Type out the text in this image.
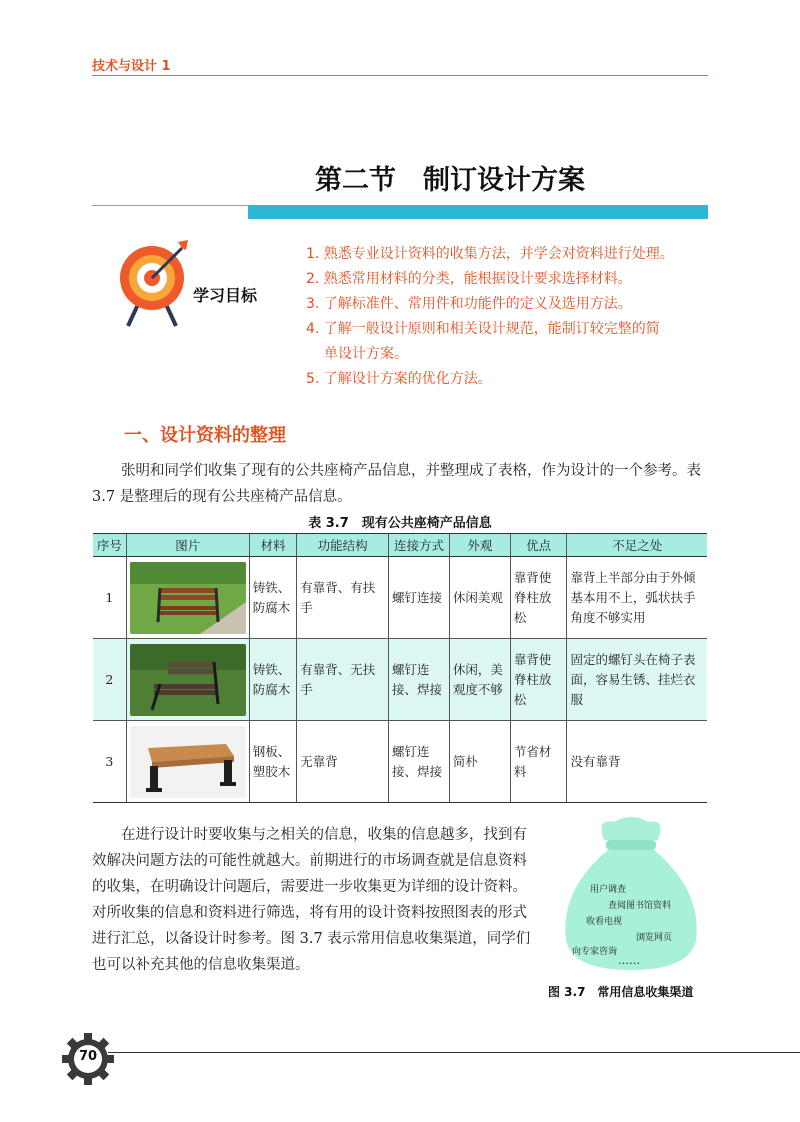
技术与设计 1
第二节　制订设计方案
学习目标
1. 熟悉专业设计资料的收集方法，并学会对资料进行处理。
2. 熟悉常用材料的分类，能根据设计要求选择材料。
3. 了解标准件、常用件和功能件的定义及选用方法。
4. 了解一般设计原则和相关设计规范，能制订较完整的简
单设计方案。
5. 了解设计方案的优化方法。
一、设计资料的整理

张明和同学们收集了现有的公共座椅产品信息，并整理成了表格，作为设计的一个参考。表 3.7 是整理后的现有公共座椅产品信息。

表 3.7　现有公共座椅产品信息
序号	图片	材料	功能结构	连接方式	外观	优点	不足之处
1		铸铁、防腐木	有靠背、有扶手	螺钉连接	休闲美观	靠背使脊柱放松	靠背上半部分由于外倾基本用不上，弧状扶手角度不够实用
2		铸铁、防腐木	有靠背、无扶手	螺钉连接、焊接	休闲，美观度不够	靠背使脊柱放松	固定的螺钉头在椅子表面，容易生锈、挂烂衣服
3		钢板、塑胶木	无靠背	螺钉连接、焊接	简朴	节省材料	没有靠背

在进行设计时要收集与之相关的信息，收集的信息越多，找到有效解决问题方法的可能性就越大。前期进行的市场调查就是信息资料的收集，在明确设计问题后，需要进一步收集更为详细的设计资料。对所收集的信息和资料进行筛选，将有用的设计资料按照图表的形式进行汇总，以备设计时参考。图 3.7 表示常用信息收集渠道，同学们也可以补充其他的信息收集渠道。

用户调查
查阅图书馆资料
收看电视
浏览网页
向专家咨询
……
图 3.7　常用信息收集渠道
70
